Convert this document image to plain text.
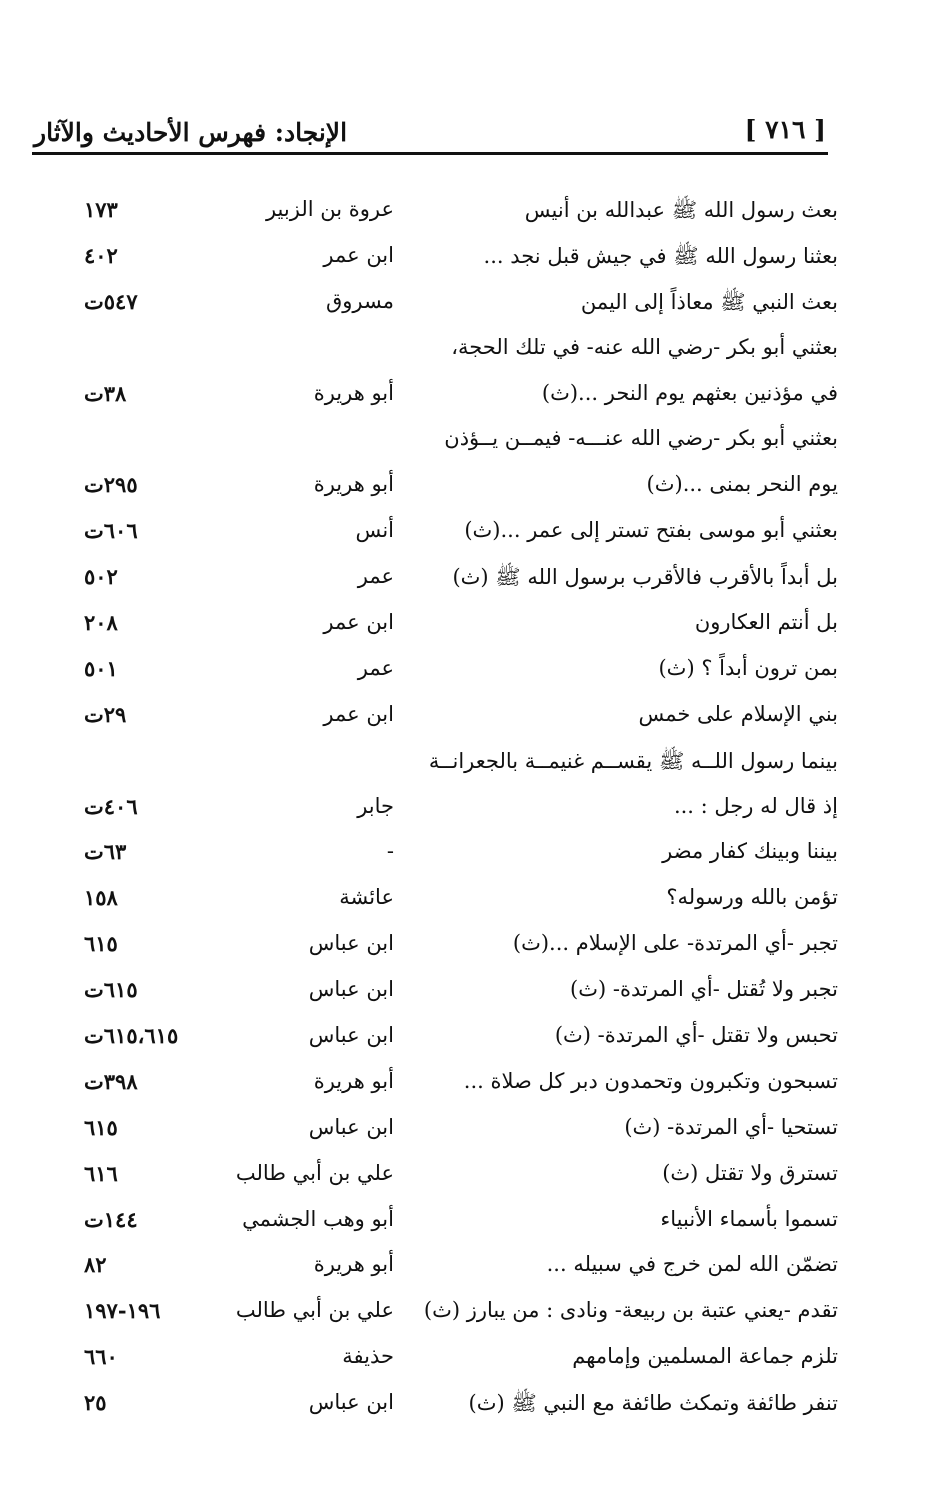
الإنجاد: فهرس الأحاديث والآثار	[ ٧١٦ ]
بعث رسول الله ﷺ عبدالله بن أنيس
عروة بن الزبير
١٧٣
بعثنا رسول الله ﷺ في جيش قبل نجد ...
ابن عمر
٤٠٢
بعث النبي ﷺ معاذاً إلى اليمن
مسروق
٥٤٧ت
بعثني أبو بكر -رضي الله عنه- في تلك الحجة،
في مؤذنين بعثهم يوم النحر ...(ث)
أبو هريرة
٣٨ت
بعثني أبو بكر -رضي الله عنـــه- فيمــن يــؤذن
يوم النحر بمنى ...(ث)
أبو هريرة
٢٩٥ت
بعثني أبو موسى بفتح تستر إلى عمر ...(ث)
أنس
٦٠٦ت
بل أبداً بالأقرب فالأقرب برسول الله ﷺ (ث)
عمر
٥٠٢
بل أنتم العكارون
ابن عمر
٢٠٨
بمن ترون أبداً ؟ (ث)
عمر
٥٠١
بني الإسلام على خمس
ابن عمر
٢٩ت
بينما رسول اللــه ﷺ يقســم غنيمــة بالجعرانــة
إذ قال له رجل : ...
جابر
٤٠٦ت
بيننا وبينك كفار مضر
-
٦٣ت
تؤمن بالله ورسوله؟
عائشة
١٥٨
تجبر -أي المرتدة- على الإسلام ...(ث)
ابن عباس
٦١٥
تجبر ولا تُقتل -أي المرتدة- (ث)
ابن عباس
٦١٥ت
تحبس ولا تقتل -أي المرتدة- (ث)
ابن عباس
٦١٥،٦١٥ت
تسبحون وتكبرون وتحمدون دبر كل صلاة ...
أبو هريرة
٣٩٨ت
تستحيا -أي المرتدة- (ث)
ابن عباس
٦١٥
تسترق ولا تقتل (ث)
علي بن أبي طالب
٦١٦
تسموا بأسماء الأنبياء
أبو وهب الجشمي
١٤٤ت
تضمّن الله لمن خرج في سبيله ...
أبو هريرة
٨٢
تقدم -يعني عتبة بن ربيعة- ونادى : من يبارز (ث)
علي بن أبي طالب
١٩٦-١٩٧
تلزم جماعة المسلمين وإمامهم
حذيفة
٦٦٠
تنفر طائفة وتمكث طائفة مع النبي ﷺ (ث)
ابن عباس
٢٥
